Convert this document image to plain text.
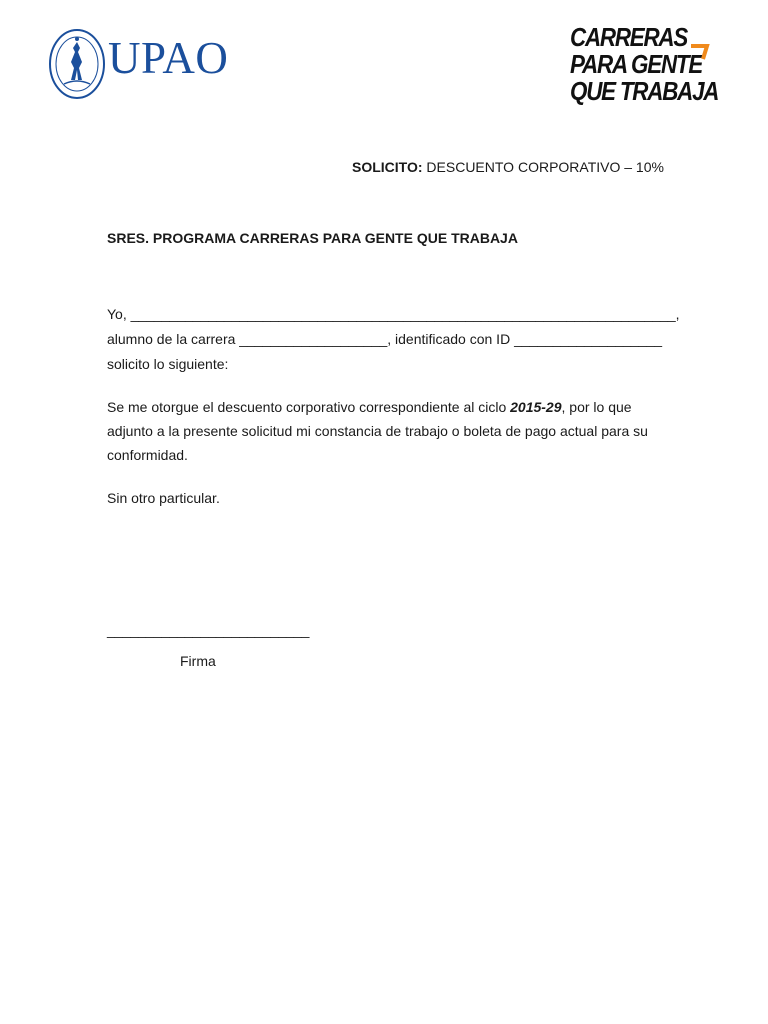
UPAO	CARRERAS
PARA GENTE
QUE TRABAJA
SOLICITO: DESCUENTO CORPORATIVO – 10%
SRES. PROGRAMA CARRERAS PARA GENTE QUE TRABAJA
Yo, ______________________________________________________________________,
alumno de la carrera ___________________, identificado con ID ___________________
solicito lo siguiente:
Se me otorgue el descuento corporativo correspondiente al ciclo 2015-29, por lo que
adjunto a la presente solicitud mi constancia de trabajo o boleta de pago actual para su
conformidad.
Sin otro particular.
__________________________
Firma
